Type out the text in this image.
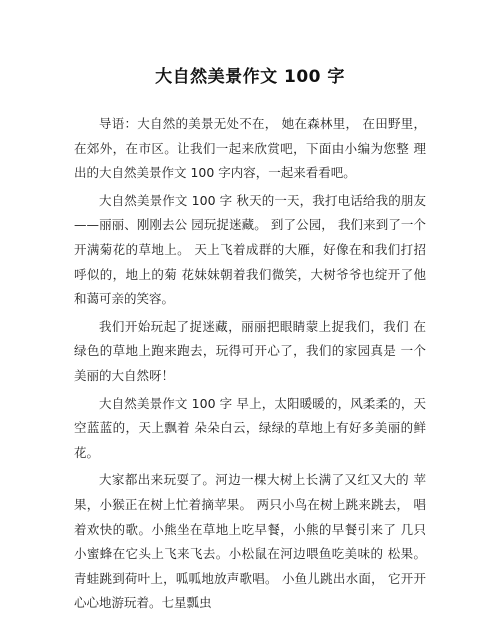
大自然美景作文 100 字

导语：大自然的美景无处不在， 她在森林里， 在田野里， 在郊外，在市区。让我们一起来欣赏吧，下面由小编为您整 理出的大自然美景作文 100 字内容，一起来看看吧。

大自然美景作文 100 字 秋天的一天，我打电话给我的朋友——丽丽、刚刚去公 园玩捉迷藏。 到了公园， 我们来到了一个开满菊花的草地上。 天上飞着成群的大雁，好像在和我们打招呼似的，地上的菊 花妹妹朝着我们微笑，大树爷爷也绽开了他和蔼可亲的笑容。

我们开始玩起了捉迷藏，丽丽把眼睛蒙上捉我们，我们 在绿色的草地上跑来跑去，玩得可开心了，我们的家园真是 一个美丽的大自然呀！

大自然美景作文 100 字 早上，太阳暖暖的，风柔柔的，天空蓝蓝的，天上飘着 朵朵白云，绿绿的草地上有好多美丽的鲜花。

大家都出来玩耍了。河边一棵大树上长满了又红又大的 苹果，小猴正在树上忙着摘苹果。 两只小鸟在树上跳来跳去， 唱着欢快的歌。小熊坐在草地上吃早餐，小熊的早餐引来了 几只小蜜蜂在它头上飞来飞去。小松鼠在河边喂鱼吃美味的 松果。青蛙跳到荷叶上，呱呱地放声歌唱。 小鱼儿跳出水面， 它开开心心地游玩着。七星瓢虫
